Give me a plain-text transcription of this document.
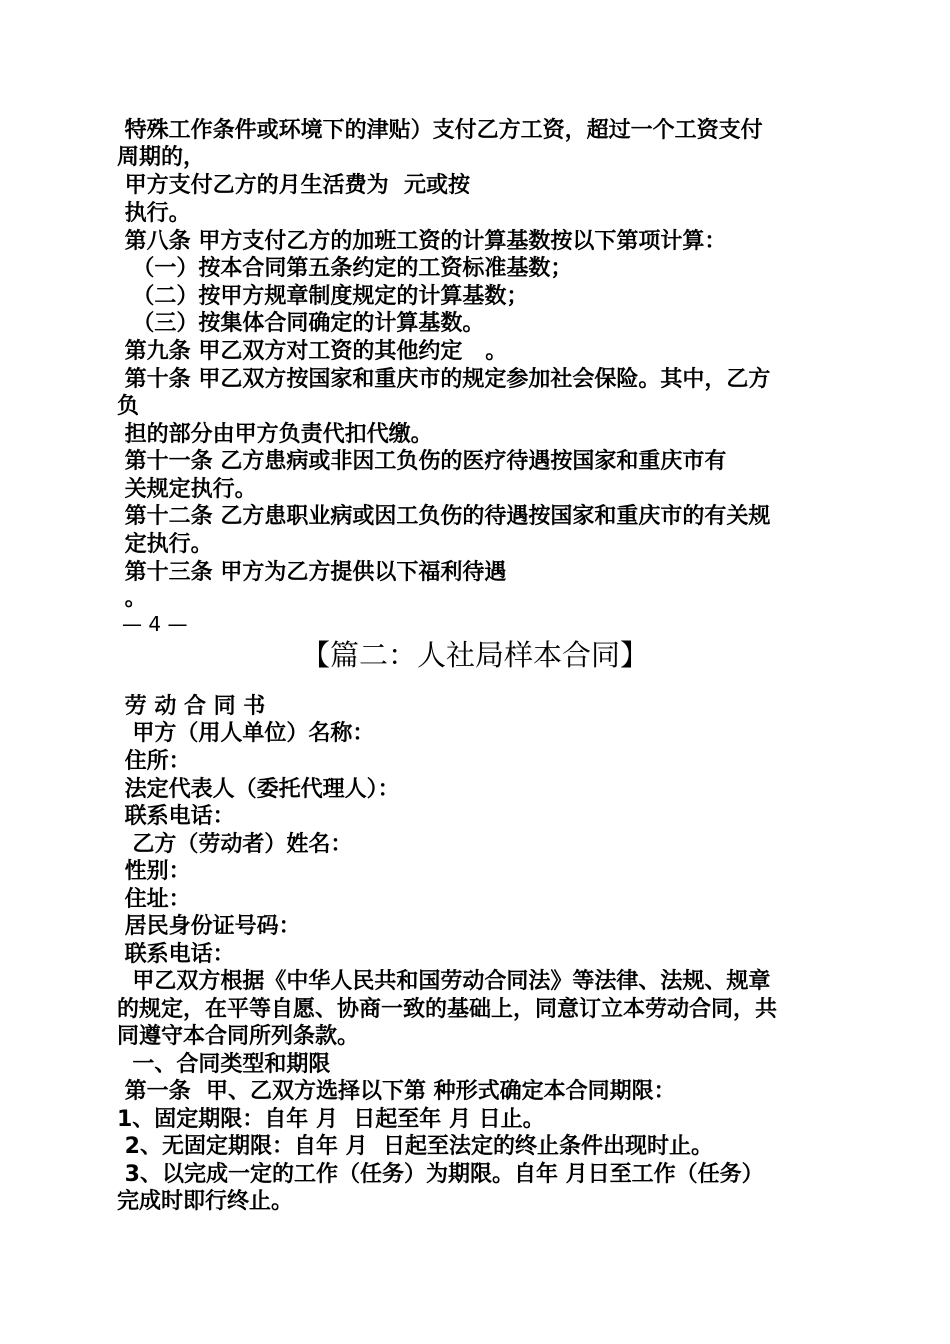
特殊工作条件或环境下的津贴）支付乙方工资，超过一个工资支付
周期的，
甲方支付乙方的月生活费为  元或按
执行。
第八条 甲方支付乙方的加班工资的计算基数按以下第项计算：
（一）按本合同第五条约定的工资标准基数；
（二）按甲方规章制度规定的计算基数；
（三）按集体合同确定的计算基数。
第九条 甲乙双方对工资的其他约定   。
第十条 甲乙双方按国家和重庆市的规定参加社会保险。其中，乙方
负
担的部分由甲方负责代扣代缴。
第十一条 乙方患病或非因工负伤的医疗待遇按国家和重庆市有
关规定执行。
第十二条 乙方患职业病或因工负伤的待遇按国家和重庆市的有关规
定执行。
第十三条 甲方为乙方提供以下福利待遇
。
— 4 —
【篇二：人社局样本合同】
劳 动 合 同 书
甲方（用人单位）名称：
住所：
法定代表人（委托代理人）：
联系电话：
乙方（劳动者）姓名：
性别：
住址：
居民身份证号码：
联系电话：
甲乙双方根据《中华人民共和国劳动合同法》等法律、法规、规章
的规定，在平等自愿、协商一致的基础上，同意订立本劳动合同，共
同遵守本合同所列条款。
一、合同类型和期限
第一条  甲、乙双方选择以下第 种形式确定本合同期限：
1、固定期限：自年 月  日起至年 月 日止。
2、无固定期限：自年 月  日起至法定的终止条件出现时止。
3、以完成一定的工作（任务）为期限。自年 月日至工作（任务）
完成时即行终止。
